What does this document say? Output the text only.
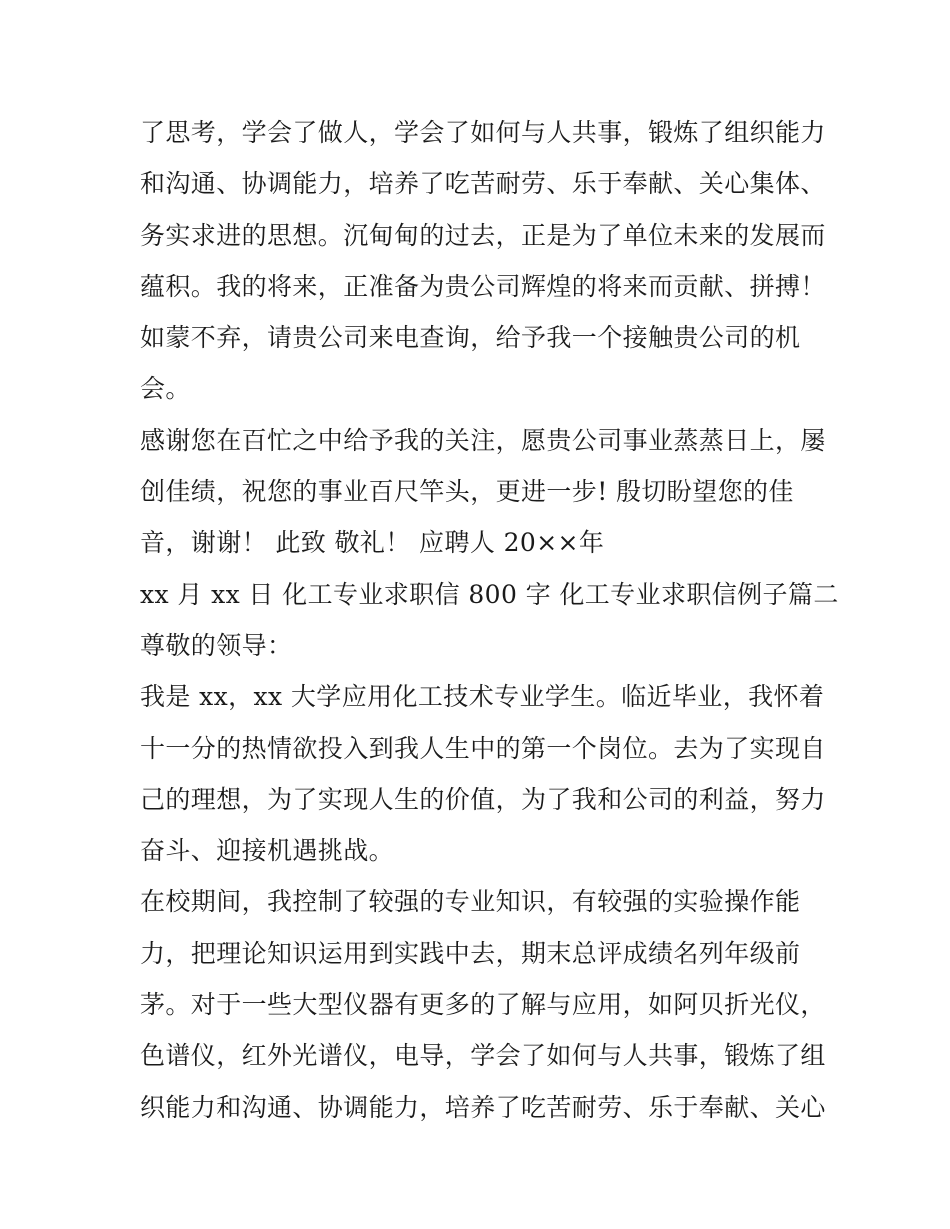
了思考，学会了做人，学会了如何与人共事，锻炼了组织能力
和沟通、协调能力，培养了吃苦耐劳、乐于奉献、关心集体、
务实求进的思想。沉甸甸的过去，正是为了单位未来的发展而
蕴积。我的将来，正准备为贵公司辉煌的将来而贡献、拼搏！
如蒙不弃，请贵公司来电查询，给予我一个接触贵公司的机
会。
感谢您在百忙之中给予我的关注，愿贵公司事业蒸蒸日上，屡
创佳绩，祝您的事业百尺竿头，更进一步! 殷切盼望您的佳
音，谢谢！ 此致 敬礼！ 应聘人 20××年
xx 月 xx 日 化工专业求职信 800 字 化工专业求职信例子篇二
尊敬的领导：
我是 xx，xx 大学应用化工技术专业学生。临近毕业，我怀着
十一分的热情欲投入到我人生中的第一个岗位。去为了实现自
己的理想，为了实现人生的价值，为了我和公司的利益，努力
奋斗、迎接机遇挑战。
在校期间，我控制了较强的专业知识，有较强的实验操作能
力，把理论知识运用到实践中去，期末总评成绩名列年级前
茅。对于一些大型仪器有更多的了解与应用，如阿贝折光仪，
色谱仪，红外光谱仪，电导，学会了如何与人共事，锻炼了组
织能力和沟通、协调能力，培养了吃苦耐劳、乐于奉献、关心
